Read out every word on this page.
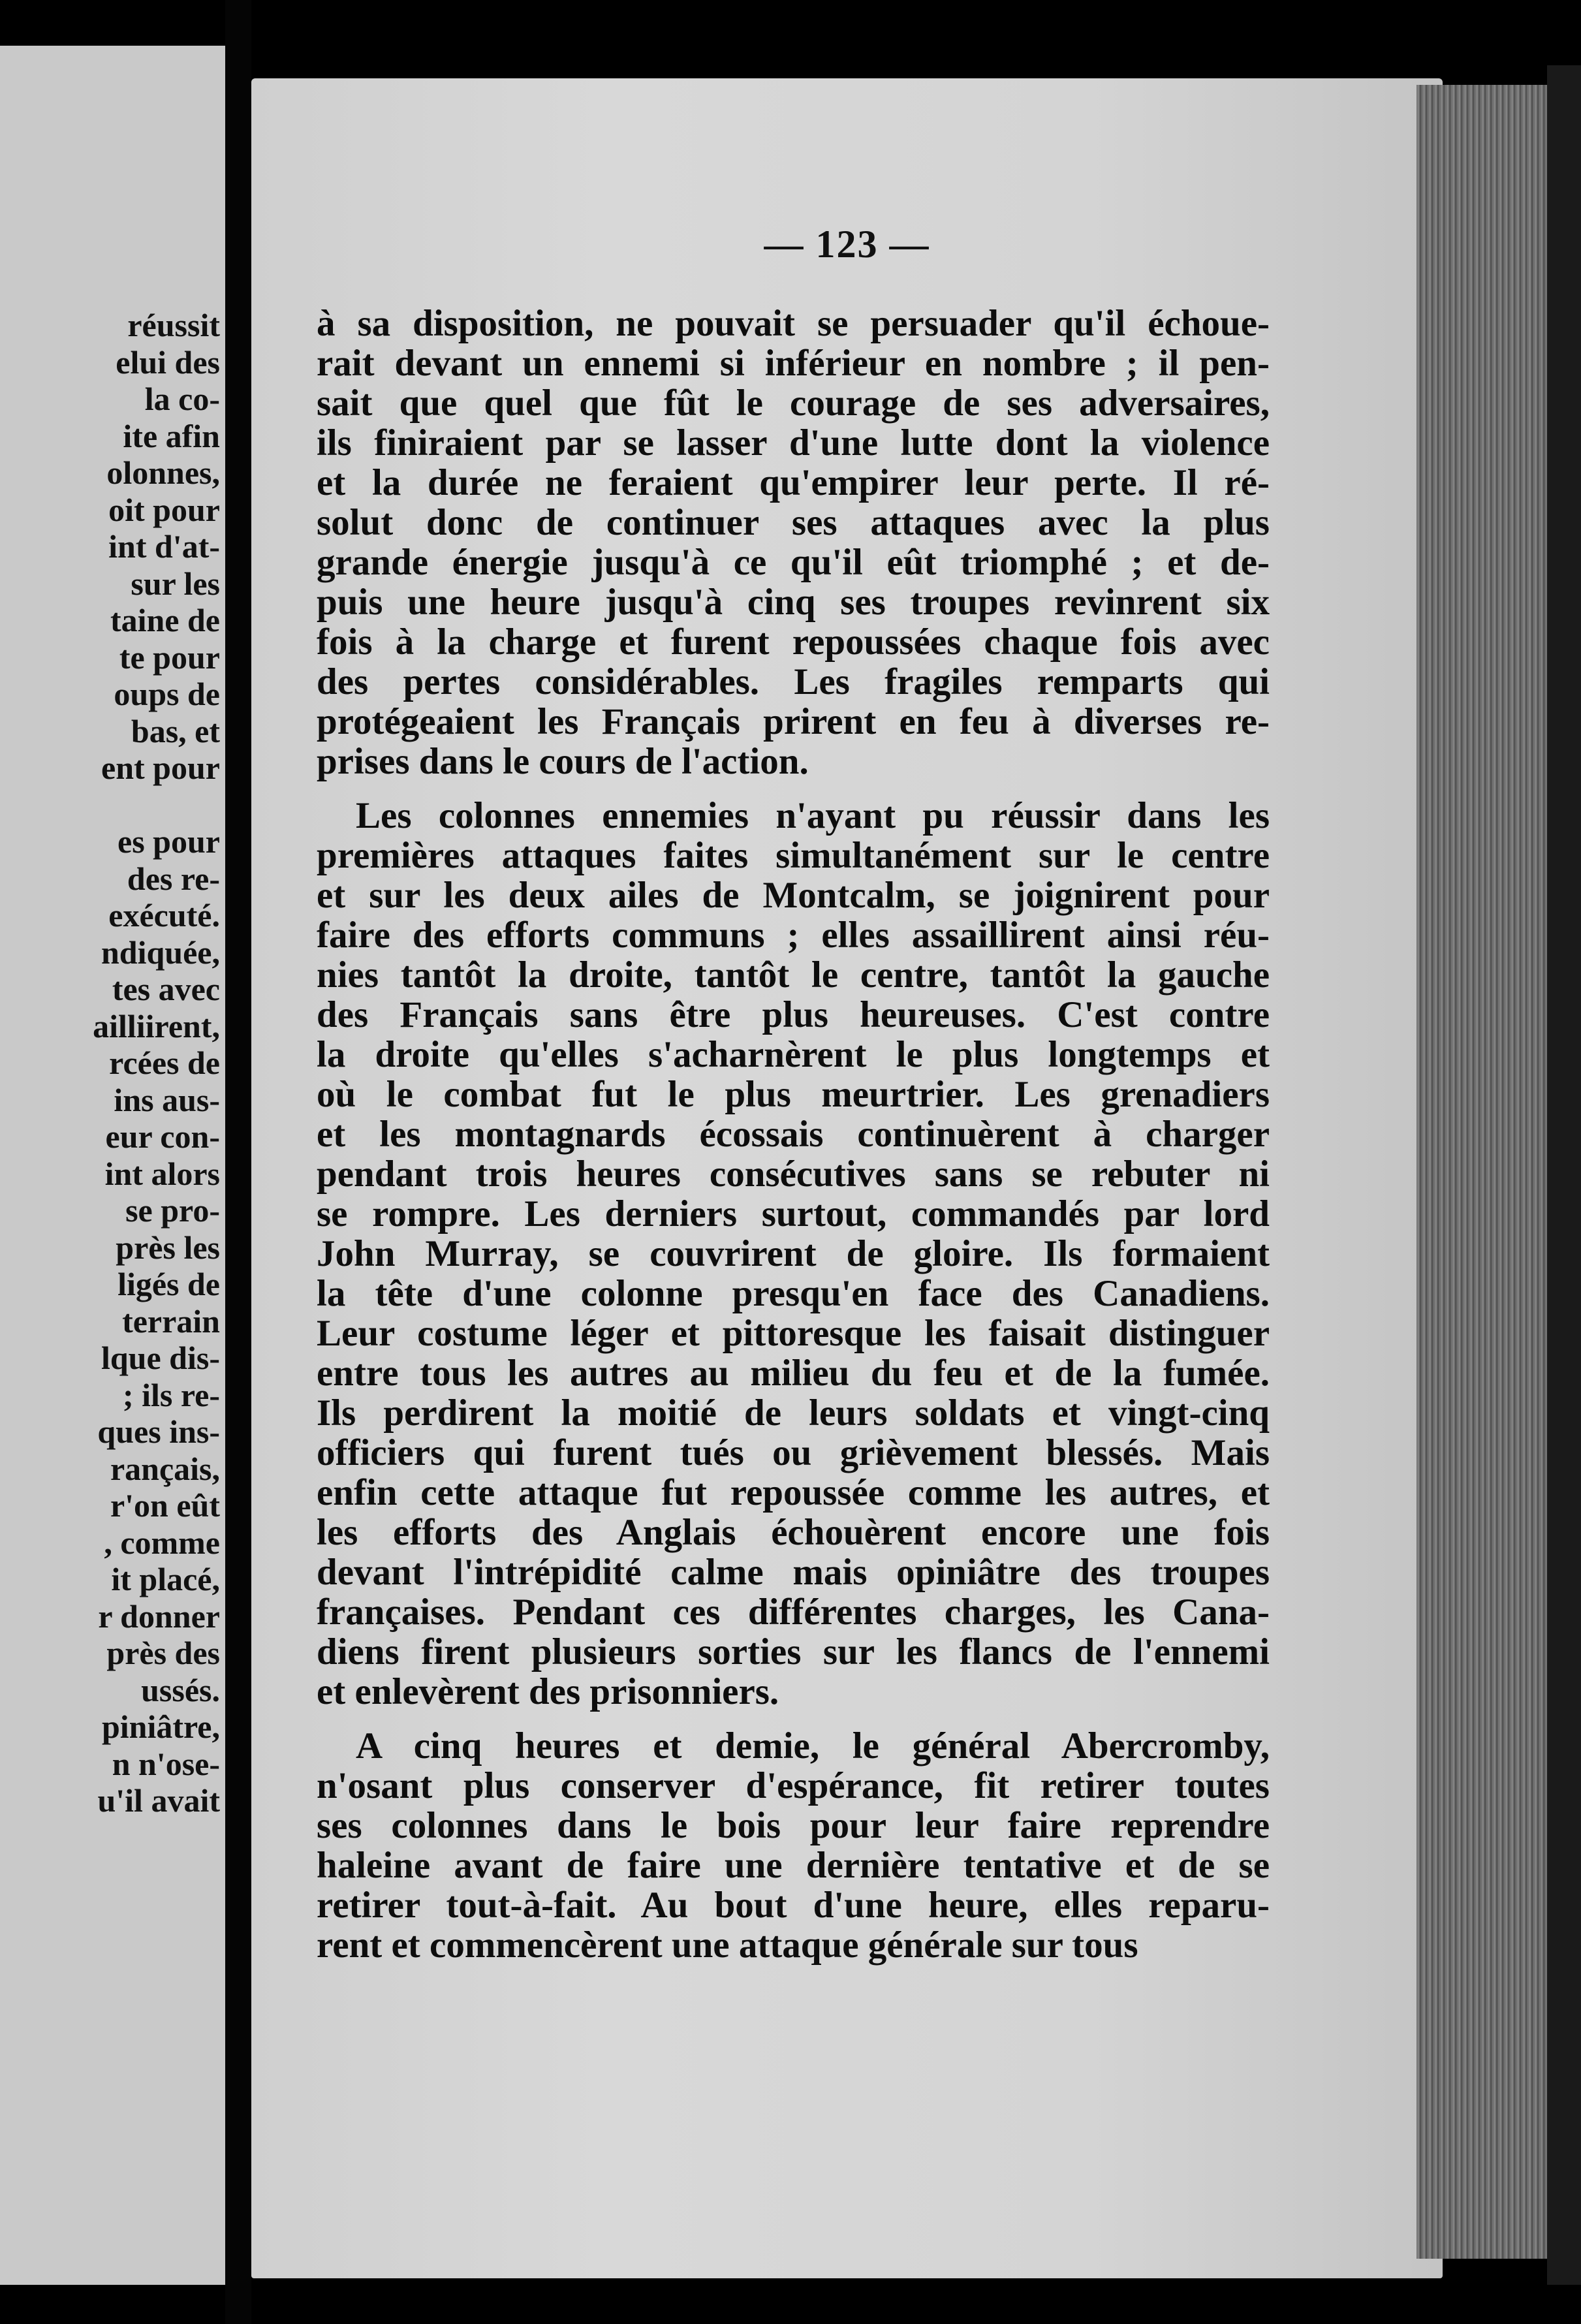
réussit
elui des
la co-
ite afin
olonnes,
oit pour
int d'at-
sur les
taine de
te pour
oups de
bas, et
ent pour

es pour
des re-
exécuté.
ndiquée,
tes avec
ailliirent,
rcées de
ins aus-
eur con-
int alors
se pro-
près les
ligés de
terrain
lque dis-
; ils re-
ques ins-
rançais,
r'on eût
, comme
it placé,
r donner
près des
ussés.
piniâtre,
n n'ose-
u'il avait
— 123 —
à sa disposition, ne pouvait se persuader qu'il échoue-
rait devant un ennemi si inférieur en nombre ; il pen-
sait que quel que fût le courage de ses adversaires,
ils finiraient par se lasser d'une lutte dont la violence
et la durée ne feraient qu'empirer leur perte. Il ré-
solut donc de continuer ses attaques avec la plus
grande énergie jusqu'à ce qu'il eût triomphé ; et de-
puis une heure jusqu'à cinq ses troupes revinrent six
fois à la charge et furent repoussées chaque fois avec
des pertes considérables. Les fragiles remparts qui
protégeaient les Français prirent en feu à diverses re-
prises dans le cours de l'action.
Les colonnes ennemies n'ayant pu réussir dans les
premières attaques faites simultanément sur le centre
et sur les deux ailes de Montcalm, se joignirent pour
faire des efforts communs ; elles assaillirent ainsi réu-
nies tantôt la droite, tantôt le centre, tantôt la gauche
des Français sans être plus heureuses. C'est contre
la droite qu'elles s'acharnèrent le plus longtemps et
où le combat fut le plus meurtrier. Les grenadiers
et les montagnards écossais continuèrent à charger
pendant trois heures consécutives sans se rebuter ni
se rompre. Les derniers surtout, commandés par lord
John Murray, se couvrirent de gloire. Ils formaient
la tête d'une colonne presqu'en face des Canadiens.
Leur costume léger et pittoresque les faisait distinguer
entre tous les autres au milieu du feu et de la fumée.
Ils perdirent la moitié de leurs soldats et vingt-cinq
officiers qui furent tués ou grièvement blessés. Mais
enfin cette attaque fut repoussée comme les autres, et
les efforts des Anglais échouèrent encore une fois
devant l'intrépidité calme mais opiniâtre des troupes
françaises. Pendant ces différentes charges, les Cana-
diens firent plusieurs sorties sur les flancs de l'ennemi
et enlevèrent des prisonniers.
A cinq heures et demie, le général Abercromby,
n'osant plus conserver d'espérance, fit retirer toutes
ses colonnes dans le bois pour leur faire reprendre
haleine avant de faire une dernière tentative et de se
retirer tout-à-fait. Au bout d'une heure, elles reparu-
rent et commencèrent une attaque générale sur tous
